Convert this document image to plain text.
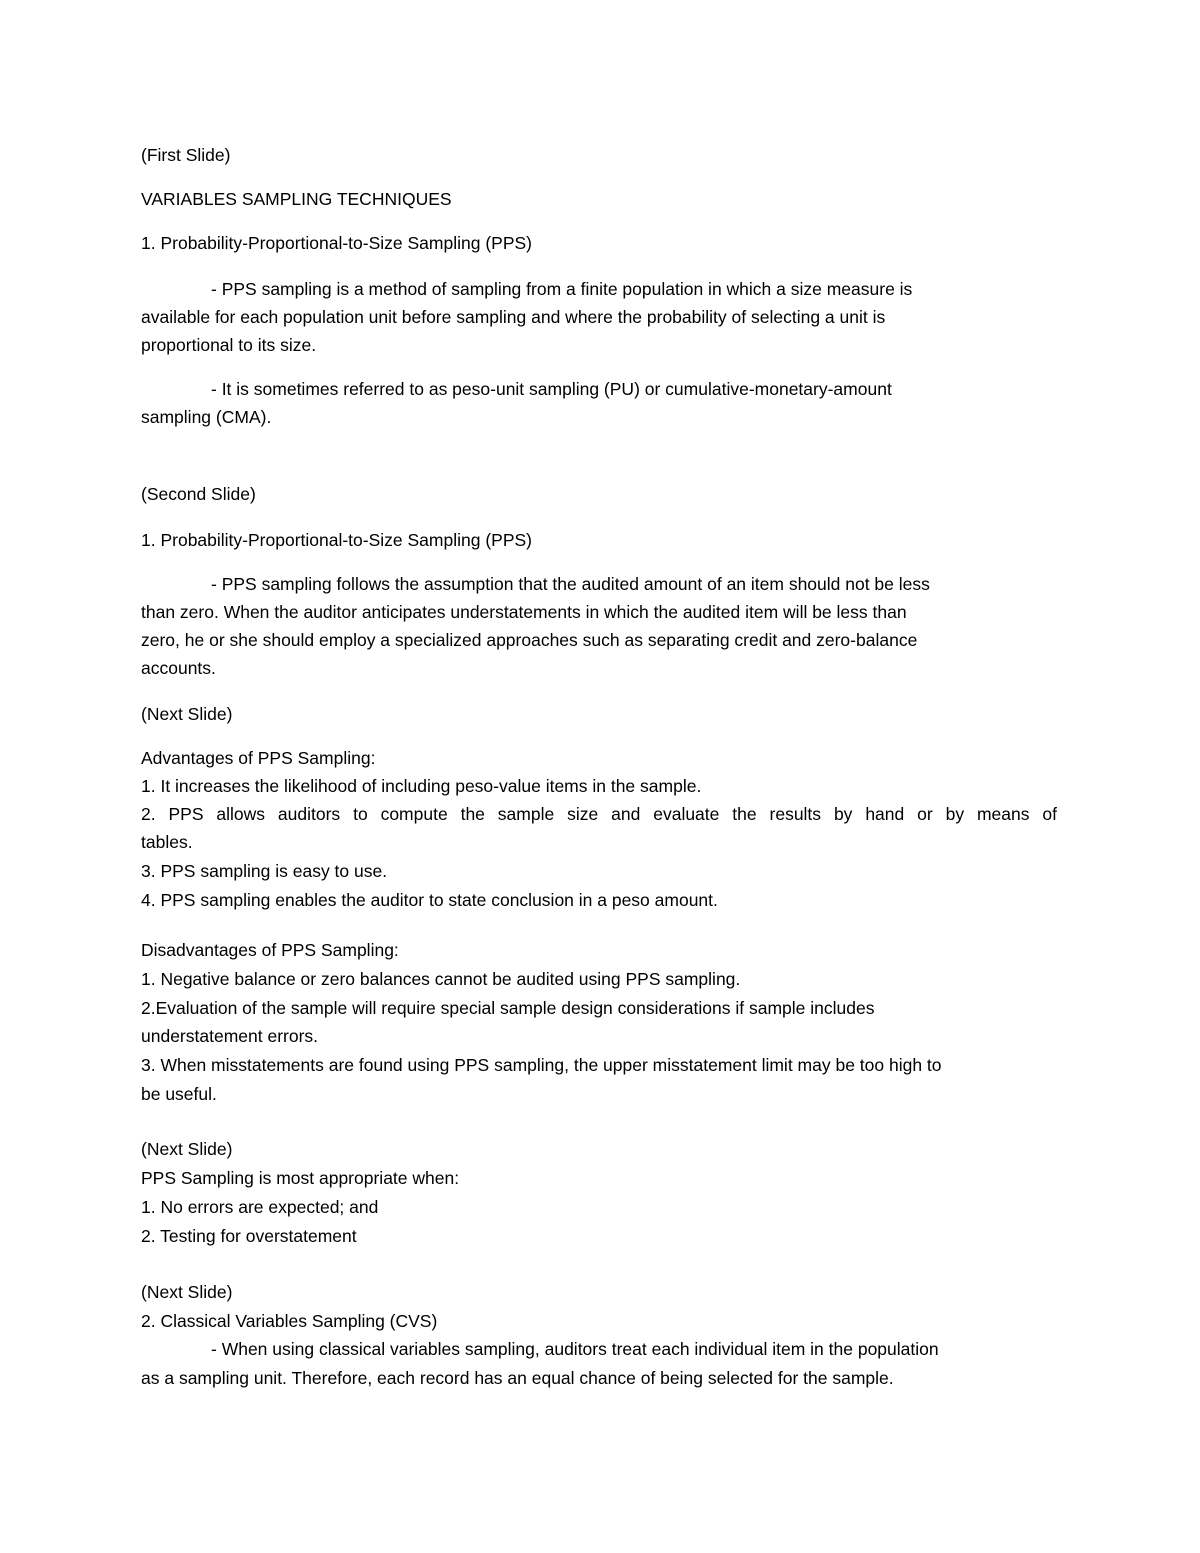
(First Slide)

VARIABLES SAMPLING TECHNIQUES

1. Probability-Proportional-to-Size Sampling (PPS)

- PPS sampling is a method of sampling from a finite population in which a size measure is

available for each population unit before sampling and where the probability of selecting a unit is

proportional to its size.

- It is sometimes referred to as peso-unit sampling (PU) or cumulative-monetary-amount

sampling (CMA).

(Second Slide)

1. Probability-Proportional-to-Size Sampling (PPS)

- PPS sampling follows the assumption that the audited amount of an item should not be less

than zero. When the auditor anticipates understatements in which the audited item will be less than

zero, he or she should employ a specialized approaches such as separating credit and zero-balance

accounts.

(Next Slide)

Advantages of PPS Sampling:

1. It increases the likelihood of including peso-value items in the sample.

2. PPS allows auditors to compute the sample size and evaluate the results by hand or by means of

tables.

3. PPS sampling is easy to use.

4. PPS sampling enables the auditor to state conclusion in a peso amount.

Disadvantages of PPS Sampling:

1. Negative balance or zero balances cannot be audited using PPS sampling.

2.Evaluation of the sample will require special sample design considerations if sample includes

understatement errors.

3. When misstatements are found using PPS sampling, the upper misstatement limit may be too high to

be useful.

(Next Slide)

PPS Sampling is most appropriate when:

1. No errors are expected; and

2. Testing for overstatement

(Next Slide)

2. Classical Variables Sampling (CVS)

- When using classical variables sampling, auditors treat each individual item in the population

as a sampling unit. Therefore, each record has an equal chance of being selected for the sample.
